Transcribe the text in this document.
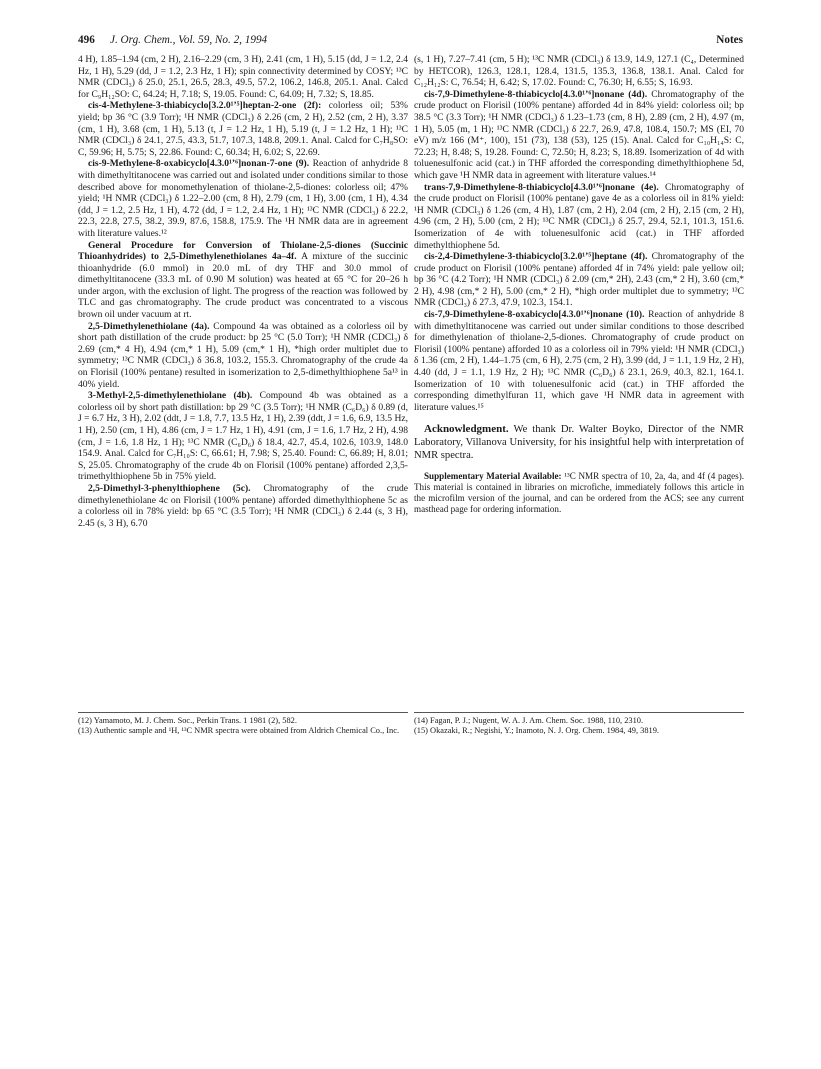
496 J. Org. Chem., Vol. 59, No. 2, 1994	Notes

4 H), 1.85–1.94 (cm, 2 H), 2.16–2.29 (cm, 3 H), 2.41 (cm, 1 H), 5.15 (dd, J = 1.2, 2.4 Hz, 1 H), 5.29 (dd, J = 1.2, 2.3 Hz, 1 H); spin connectivity determined by COSY; ¹³C NMR (CDCl₃) δ 25.0, 25.1, 26.5, 28.3, 49.5, 57.2, 106.2, 146.8, 205.1. Anal. Calcd for C₉H₁₂SO: C, 64.24; H, 7.18; S, 19.05. Found: C, 64.09; H, 7.32; S, 18.85.

cis-4-Methylene-3-thiabicyclo[3.2.0¹ʼ⁵]heptan-2-one (2f): colorless oil; 53% yield; bp 36 °C (3.9 Torr); ¹H NMR (CDCl₃) δ 2.26 (cm, 2 H), 2.52 (cm, 2 H), 3.37 (cm, 1 H), 3.68 (cm, 1 H), 5.13 (t, J = 1.2 Hz, 1 H), 5.19 (t, J = 1.2 Hz, 1 H); ¹³C NMR (CDCl₃) δ 24.1, 27.5, 43.3, 51.7, 107.3, 148.8, 209.1. Anal. Calcd for C₇H₈SO: C, 59.96; H, 5.75; S, 22.86. Found: C, 60.34; H, 6.02; S, 22.69.

cis-9-Methylene-8-oxabicyclo[4.3.0¹ʼ⁶]nonan-7-one (9). Reaction of anhydride 8 with dimethyltitanocene was carried out and isolated under conditions similar to those described above for monomethylenation of thiolane-2,5-diones: colorless oil; 47% yield; ¹H NMR (CDCl₃) δ 1.22–2.00 (cm, 8 H), 2.79 (cm, 1 H), 3.00 (cm, 1 H), 4.34 (dd, J = 1.2, 2.5 Hz, 1 H), 4.72 (dd, J = 1.2, 2.4 Hz, 1 H); ¹³C NMR (CDCl₃) δ 22.2, 22.3, 22.8, 27.5, 38.2, 39.9, 87.6, 158.8, 175.9. The ¹H NMR data are in agreement with literature values.¹²

General Procedure for Conversion of Thiolane-2,5-diones (Succinic Thioanhydrides) to 2,5-Dimethylenethiolanes 4a–4f. A mixture of the succinic thioanhydride (6.0 mmol) in 20.0 mL of dry THF and 30.0 mmol of dimethyltitanocene (33.3 mL of 0.90 M solution) was heated at 65 °C for 20–26 h under argon, with the exclusion of light. The progress of the reaction was followed by TLC and gas chromatography. The crude product was concentrated to a viscous brown oil under vacuum at rt.

2,5-Dimethylenethiolane (4a). Compound 4a was obtained as a colorless oil by short path distillation of the crude product: bp 25 °C (5.0 Torr); ¹H NMR (CDCl₃) δ 2.69 (cm,* 4 H), 4.94 (cm,* 1 H), 5.09 (cm,* 1 H), *high order multiplet due to symmetry; ¹³C NMR (CDCl₃) δ 36.8, 103.2, 155.3. Chromatography of the crude 4a on Florisil (100% pentane) resulted in isomerization to 2,5-dimethylthiophene 5a¹³ in 40% yield.

3-Methyl-2,5-dimethylenethiolane (4b). Compound 4b was obtained as a colorless oil by short path distillation: bp 29 °C (3.5 Torr); ¹H NMR (C₆D₆) δ 0.89 (d, J = 6.7 Hz, 3 H), 2.02 (ddt, J = 1.8, 7.7, 13.5 Hz, 1 H), 2.39 (ddt, J = 1.6, 6.9, 13.5 Hz, 1 H), 2.50 (cm, 1 H), 4.86 (cm, J = 1.7 Hz, 1 H), 4.91 (cm, J = 1.6, 1.7 Hz, 2 H), 4.98 (cm, J = 1.6, 1.8 Hz, 1 H); ¹³C NMR (C₆D₆) δ 18.4, 42.7, 45.4, 102.6, 103.9, 148.0 154.9. Anal. Calcd for C₇H₁₀S: C, 66.61; H, 7.98; S, 25.40. Found: C, 66.89; H, 8.01; S, 25.05. Chromatography of the crude 4b on Florisil (100% pentane) afforded 2,3,5-trimethylthiophene 5b in 75% yield.

2,5-Dimethyl-3-phenylthiophene (5c). Chromatography of the crude dimethylenethiolane 4c on Florisil (100% pentane) afforded dimethylthiophene 5c as a colorless oil in 78% yield: bp 65 °C (3.5 Torr); ¹H NMR (CDCl₃) δ 2.44 (s, 3 H), 2.45 (s, 3 H), 6.70

(s, 1 H), 7.27–7.41 (cm, 5 H); ¹³C NMR (CDCl₃) δ 13.9, 14.9, 127.1 (C₄, Determined by HETCOR), 126.3, 128.1, 128.4, 131.5, 135.3, 136.8, 138.1. Anal. Calcd for C₁₂H₁₂S: C, 76.54; H, 6.42; S, 17.02. Found: C, 76.30; H, 6.55; S, 16.93.

cis-7,9-Dimethylene-8-thiabicyclo[4.3.0¹ʼ⁶]nonane (4d). Chromatography of the crude product on Florisil (100% pentane) afforded 4d in 84% yield: colorless oil; bp 38.5 °C (3.3 Torr); ¹H NMR (CDCl₃) δ 1.23–1.73 (cm, 8 H), 2.89 (cm, 2 H), 4.97 (m, 1 H), 5.05 (m, 1 H); ¹³C NMR (CDCl₃) δ 22.7, 26.9, 47.8, 108.4, 150.7; MS (EI, 70 eV) m/z 166 (M⁺, 100), 151 (73), 138 (53), 125 (15). Anal. Calcd for C₁₀H₁₄S: C, 72.23; H, 8.48; S, 19.28. Found: C, 72.50; H, 8.23; S, 18.89. Isomerization of 4d with toluenesulfonic acid (cat.) in THF afforded the corresponding dimethylthiophene 5d, which gave ¹H NMR data in agreement with literature values.¹⁴

trans-7,9-Dimethylene-8-thiabicyclo[4.3.0¹ʼ⁶]nonane (4e). Chromatography of the crude product on Florisil (100% pentane) gave 4e as a colorless oil in 81% yield: ¹H NMR (CDCl₃) δ 1.26 (cm, 4 H), 1.87 (cm, 2 H), 2.04 (cm, 2 H), 2.15 (cm, 2 H), 4.96 (cm, 2 H), 5.00 (cm, 2 H); ¹³C NMR (CDCl₃) δ 25.7, 29.4, 52.1, 101.3, 151.6. Isomerization of 4e with toluenesulfonic acid (cat.) in THF afforded dimethylthiophene 5d.

cis-2,4-Dimethylene-3-thiabicyclo[3.2.0¹ʼ⁵]heptane (4f). Chromatography of the crude product on Florisil (100% pentane) afforded 4f in 74% yield: pale yellow oil; bp 36 °C (4.2 Torr); ¹H NMR (CDCl₃) δ 2.09 (cm,* 2H), 2.43 (cm,* 2 H), 3.60 (cm,* 2 H), 4.98 (cm,* 2 H), 5.00 (cm,* 2 H), *high order multiplet due to symmetry; ¹³C NMR (CDCl₃) δ 27.3, 47.9, 102.3, 154.1.

cis-7,9-Dimethylene-8-oxabicyclo[4.3.0¹ʼ⁶]nonane (10). Reaction of anhydride 8 with dimethyltitanocene was carried out under similar conditions to those described for dimethylenation of thiolane-2,5-diones. Chromatography of crude product on Florisil (100% pentane) afforded 10 as a colorless oil in 79% yield: ¹H NMR (CDCl₃) δ 1.36 (cm, 2 H), 1.44–1.75 (cm, 6 H), 2.75 (cm, 2 H), 3.99 (dd, J = 1.1, 1.9 Hz, 2 H), 4.40 (dd, J = 1.1, 1.9 Hz, 2 H); ¹³C NMR (C₆D₆) δ 23.1, 26.9, 40.3, 82.1, 164.1. Isomerization of 10 with toluenesulfonic acid (cat.) in THF afforded the corresponding dimethylfuran 11, which gave ¹H NMR data in agreement with literature values.¹⁵

Acknowledgment. We thank Dr. Walter Boyko, Director of the NMR Laboratory, Villanova University, for his insightful help with interpretation of NMR spectra.

Supplementary Material Available: ¹³C NMR spectra of 10, 2a, 4a, and 4f (4 pages). This material is contained in libraries on microfiche, immediately follows this article in the microfilm version of the journal, and can be ordered from the ACS; see any current masthead page for ordering information.

(12) Yamamoto, M. J. Chem. Soc., Perkin Trans. 1 1981 (2), 582.
(13) Authentic sample and ¹H, ¹³C NMR spectra were obtained from Aldrich Chemical Co., Inc.
(14) Fagan, P. J.; Nugent, W. A. J. Am. Chem. Soc. 1988, 110, 2310.
(15) Okazaki, R.; Negishi, Y.; Inamoto, N. J. Org. Chem. 1984, 49, 3819.
